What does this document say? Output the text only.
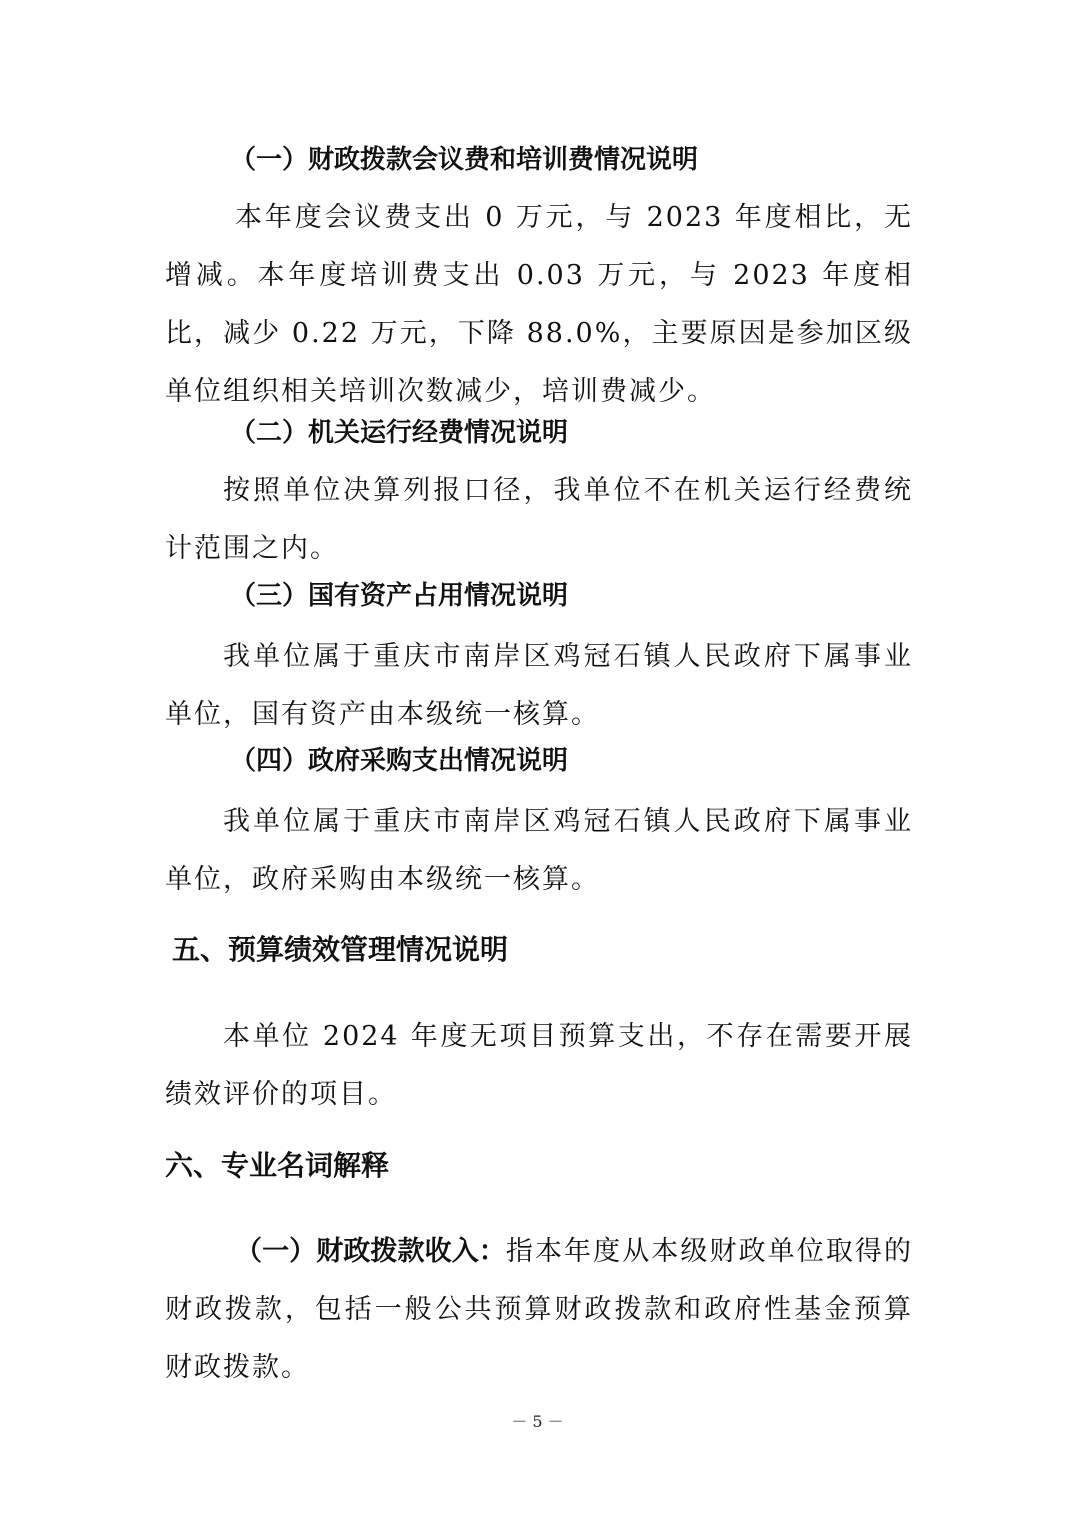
（一）财政拨款会议费和培训费情况说明

本年度会议费支出 0 万元，与 2023 年度相比，无增减。本年度培训费支出 0.03 万元，与 2023 年度相比，减少 0.22 万元，下降 88.0%，主要原因是参加区级单位组织相关培训次数减少，培训费减少。

（二）机关运行经费情况说明

按照单位决算列报口径，我单位不在机关运行经费统计范围之内。

（三）国有资产占用情况说明

我单位属于重庆市南岸区鸡冠石镇人民政府下属事业单位，国有资产由本级统一核算。

（四）政府采购支出情况说明

我单位属于重庆市南岸区鸡冠石镇人民政府下属事业单位，政府采购由本级统一核算。

五、预算绩效管理情况说明

本单位 2024 年度无项目预算支出，不存在需要开展绩效评价的项目。

六、专业名词解释

（一）财政拨款收入：指本年度从本级财政单位取得的财政拨款，包括一般公共预算财政拨款和政府性基金预算财政拨款。

－ 5 －
